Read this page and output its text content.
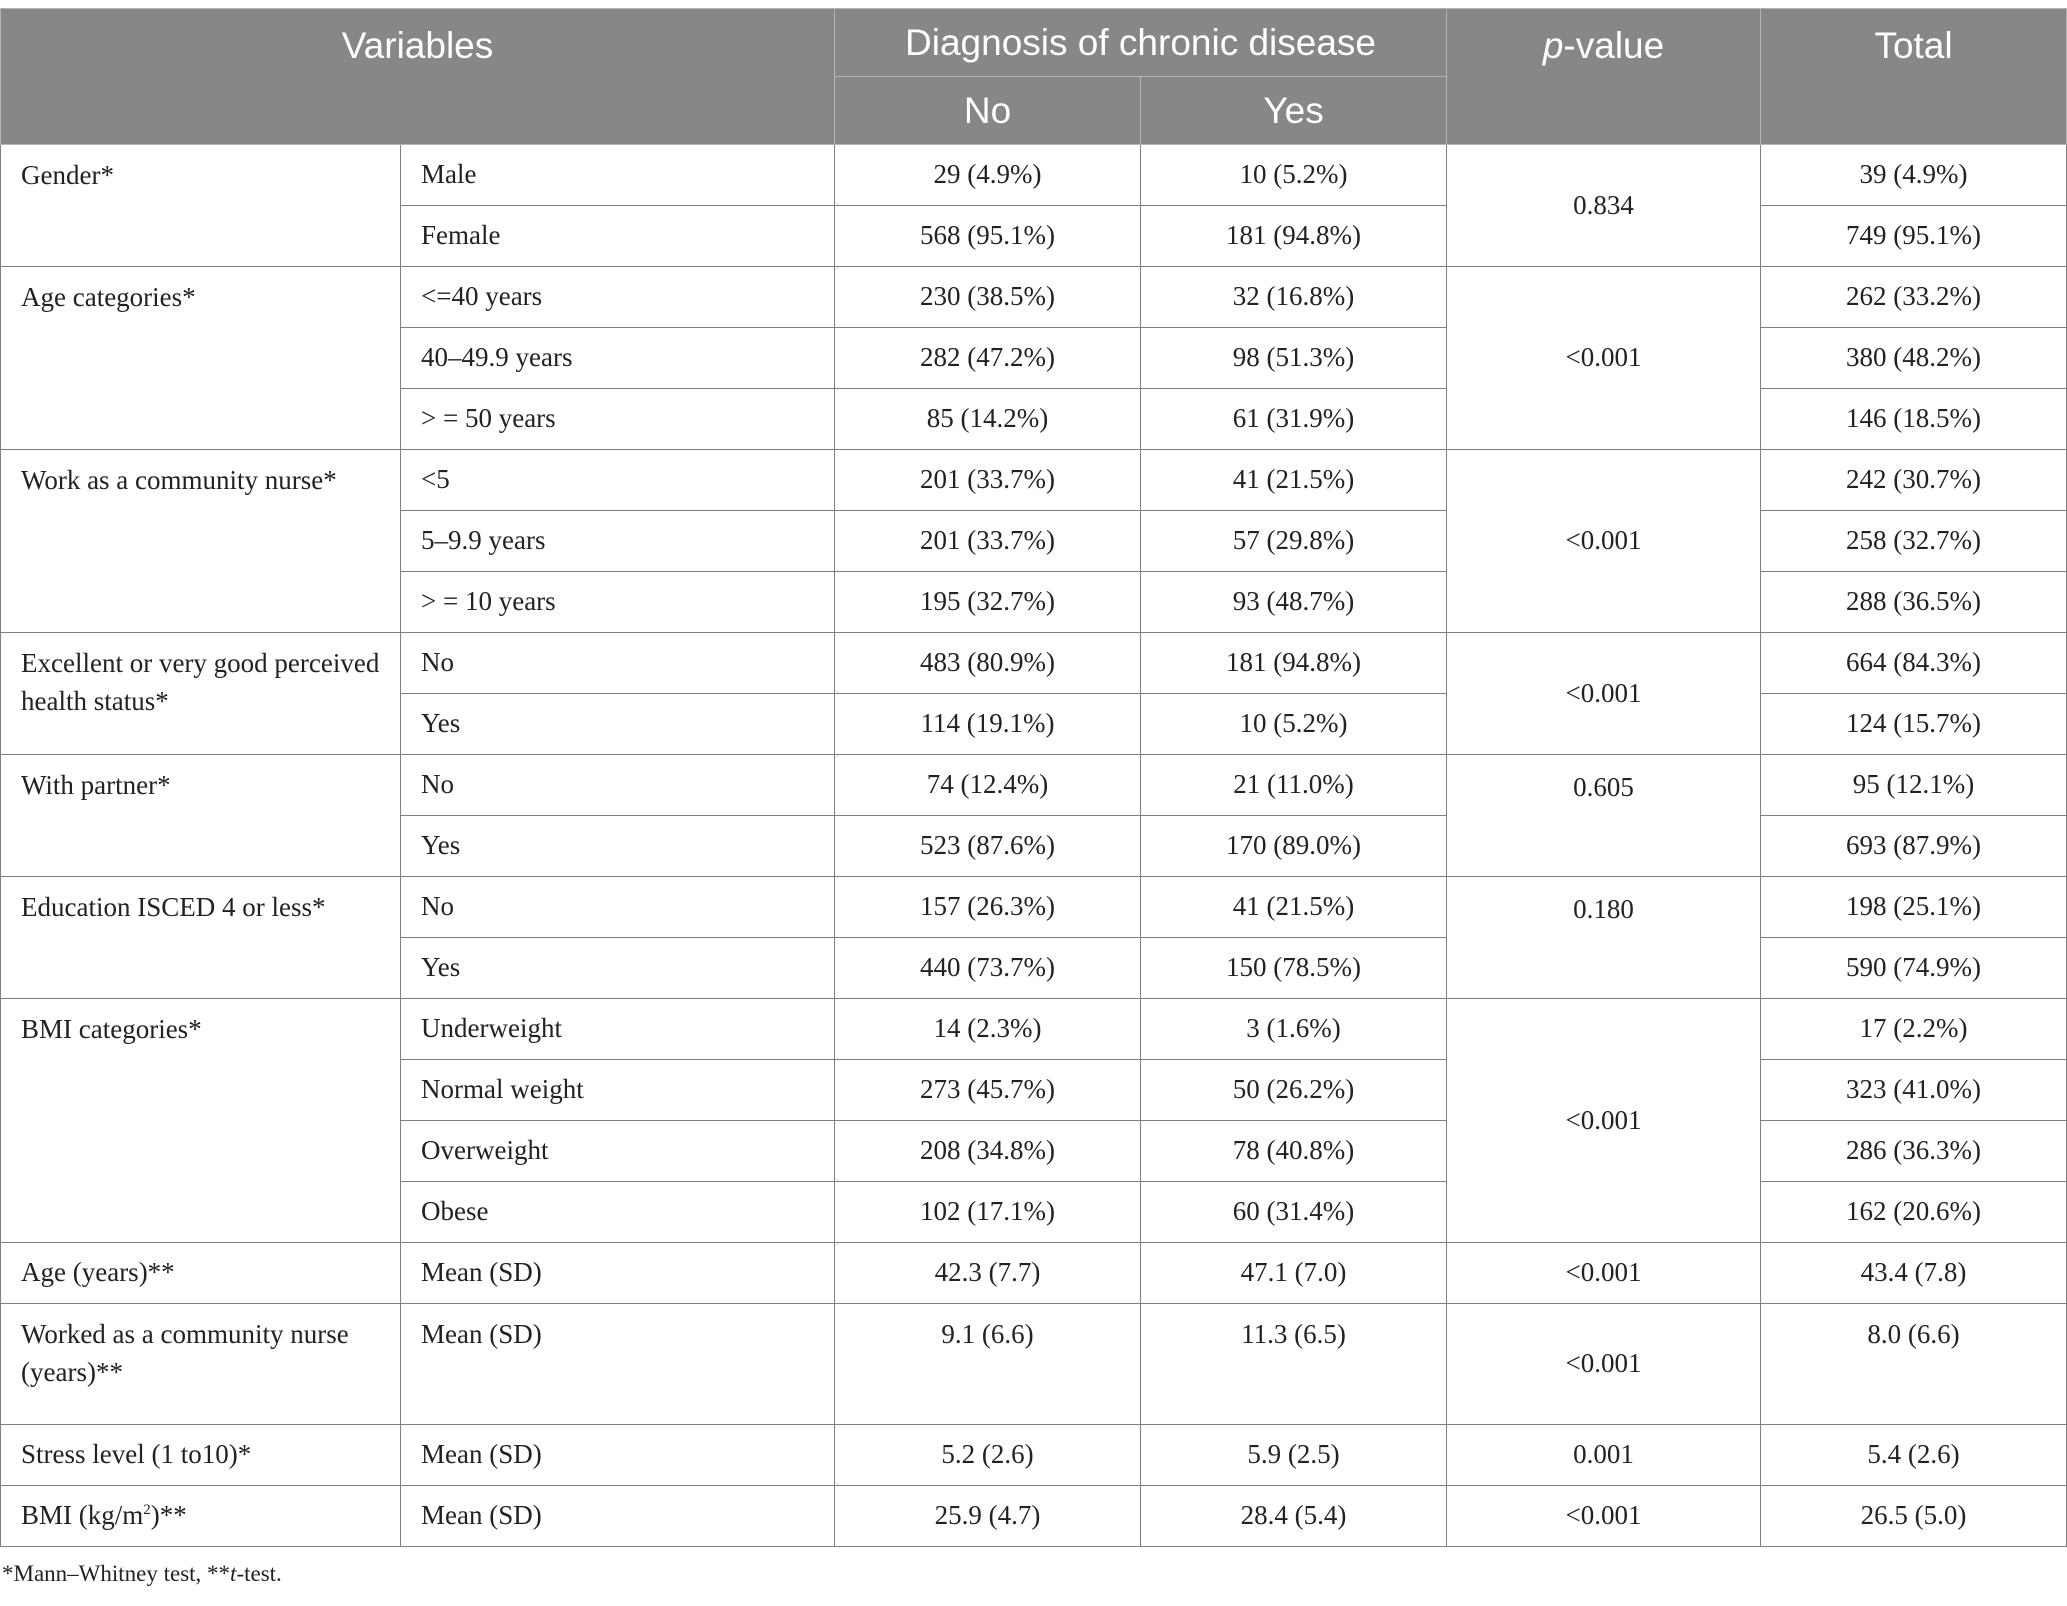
Variables		Diagnosis of chronic disease		p-value	Total
		No	Yes		
Gender*	Male	29 (4.9%)	10 (5.2%)	0.834	39 (4.9%)
	Female	568 (95.1%)	181 (94.8%)		749 (95.1%)
Age categories*	<=40 years	230 (38.5%)	32 (16.8%)	<0.001	262 (33.2%)
	40–49.9 years	282 (47.2%)	98 (51.3%)		380 (48.2%)
	> = 50 years	85 (14.2%)	61 (31.9%)		146 (18.5%)
Work as a community nurse*	<5	201 (33.7%)	41 (21.5%)	<0.001	242 (30.7%)
	5–9.9 years	201 (33.7%)	57 (29.8%)		258 (32.7%)
	> = 10 years	195 (32.7%)	93 (48.7%)		288 (36.5%)
Excellent or very good perceived health status*	No	483 (80.9%)	181 (94.8%)	<0.001	664 (84.3%)
	Yes	114 (19.1%)	10 (5.2%)		124 (15.7%)
With partner*	No	74 (12.4%)	21 (11.0%)	0.605	95 (12.1%)
	Yes	523 (87.6%)	170 (89.0%)		693 (87.9%)
Education ISCED 4 or less*	No	157 (26.3%)	41 (21.5%)	0.180	198 (25.1%)
	Yes	440 (73.7%)	150 (78.5%)		590 (74.9%)
BMI categories*	Underweight	14 (2.3%)	3 (1.6%)	<0.001	17 (2.2%)
	Normal weight	273 (45.7%)	50 (26.2%)		323 (41.0%)
	Overweight	208 (34.8%)	78 (40.8%)		286 (36.3%)
	Obese	102 (17.1%)	60 (31.4%)		162 (20.6%)
Age (years)**	Mean (SD)	42.3 (7.7)	47.1 (7.0)	<0.001	43.4 (7.8)
Worked as a community nurse (years)**	Mean (SD)	9.1 (6.6)	11.3 (6.5)	<0.001	8.0 (6.6)
Stress level (1 to10)*	Mean (SD)	5.2 (2.6)	5.9 (2.5)	0.001	5.4 (2.6)
BMI $(kg/m^2)**$	Mean (SD)	25.9 (4.7)	28.4 (5.4)	<0.001	26.5 (5.0)
*Mann–Whitney test, **t-test.
